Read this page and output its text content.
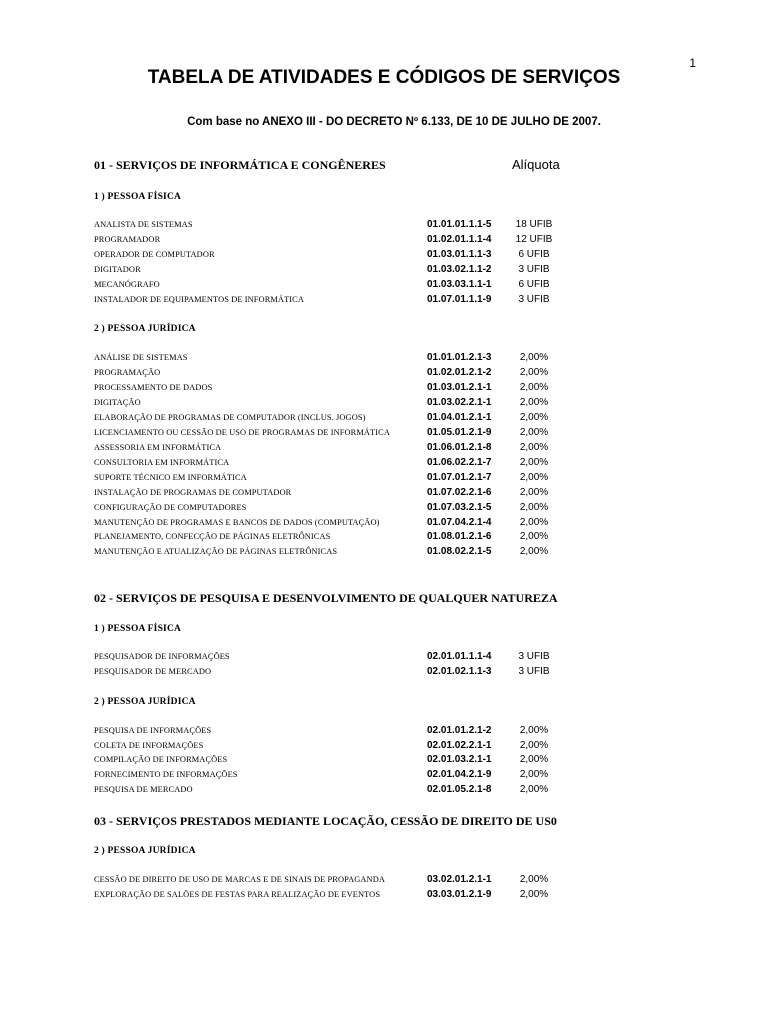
1
TABELA DE ATIVIDADES E CÓDIGOS DE SERVIÇOS
Com base no ANEXO III - DO DECRETO Nº 6.133, DE 10 DE JULHO DE 2007.
01 - SERVIÇOS DE INFORMÁTICA E CONGÊNERES	Alíquota
1 ) PESSOA FÍSICA
ANALISTA DE SISTEMAS	01.01.01.1.1-5	18 UFIB
PROGRAMADOR	01.02.01.1.1-4	12 UFIB
OPERADOR DE COMPUTADOR	01.03.01.1.1-3	6 UFIB
DIGITADOR	01.03.02.1.1-2	3 UFIB
MECANÓGRAFO	01.03.03.1.1-1	6 UFIB
INSTALADOR DE EQUIPAMENTOS DE INFORMÁTICA	01.07.01.1.1-9	3 UFIB
2 ) PESSOA JURÍDICA
ANÁLISE DE SISTEMAS	01.01.01.2.1-3	2,00%
PROGRAMAÇÃO	01.02.01.2.1-2	2,00%
PROCESSAMENTO DE DADOS	01.03.01.2.1-1	2,00%
DIGITAÇÃO	01.03.02.2.1-1	2,00%
ELABORAÇÃO DE PROGRAMAS DE COMPUTADOR (INCLUS. JOGOS)	01.04.01.2.1-1	2,00%
LICENCIAMENTO OU CESSÃO DE USO DE PROGRAMAS DE INFORMÁTICA	01.05.01.2.1-9	2,00%
ASSESSORIA EM INFORMÁTICA	01.06.01.2.1-8	2,00%
CONSULTORIA EM INFORMÁTICA	01.06.02.2.1-7	2,00%
SUPORTE TÉCNICO EM INFORMÁTICA	01.07.01.2.1-7	2,00%
INSTALAÇÃO DE PROGRAMAS DE COMPUTADOR	01.07.02.2.1-6	2,00%
CONFIGURAÇÃO DE COMPUTADORES	01.07.03.2.1-5	2,00%
MANUTENÇÃO DE PROGRAMAS E BANCOS DE DADOS (COMPUTAÇÃO)	01.07.04.2.1-4	2,00%
PLANEJAMENTO, CONFECÇÃO DE PÁGINAS ELETRÔNICAS	01.08.01.2.1-6	2,00%
MANUTENÇÃO E ATUALIZAÇÃO DE PÁGINAS ELETRÔNICAS	01.08.02.2.1-5	2,00%
02 - SERVIÇOS DE PESQUISA E DESENVOLVIMENTO DE QUALQUER NATUREZA
1 ) PESSOA FÍSICA
PESQUISADOR DE INFORMAÇÕES	02.01.01.1.1-4	3 UFIB
PESQUISADOR DE MERCADO	02.01.02.1.1-3	3 UFIB
2 ) PESSOA JURÍDICA
PESQUISA DE INFORMAÇÕES	02.01.01.2.1-2	2,00%
COLETA DE INFORMAÇÕES	02.01.02.2.1-1	2,00%
COMPILAÇÃO DE INFORMAÇÕES	02.01.03.2.1-1	2,00%
FORNECIMENTO DE INFORMAÇÕES	02.01.04.2.1-9	2,00%
PESQUISA DE MERCADO	02.01.05.2.1-8	2,00%
03 - SERVIÇOS PRESTADOS MEDIANTE LOCAÇÃO, CESSÃO DE DIREITO DE US0
2 ) PESSOA JURÍDICA
CESSÃO DE DIREITO DE USO DE MARCAS E DE SINAIS DE PROPAGANDA	03.02.01.2.1-1	2,00%
EXPLORAÇÃO DE SALÕES DE FESTAS PARA REALIZAÇÃO DE EVENTOS	03.03.01.2.1-9	2,00%
